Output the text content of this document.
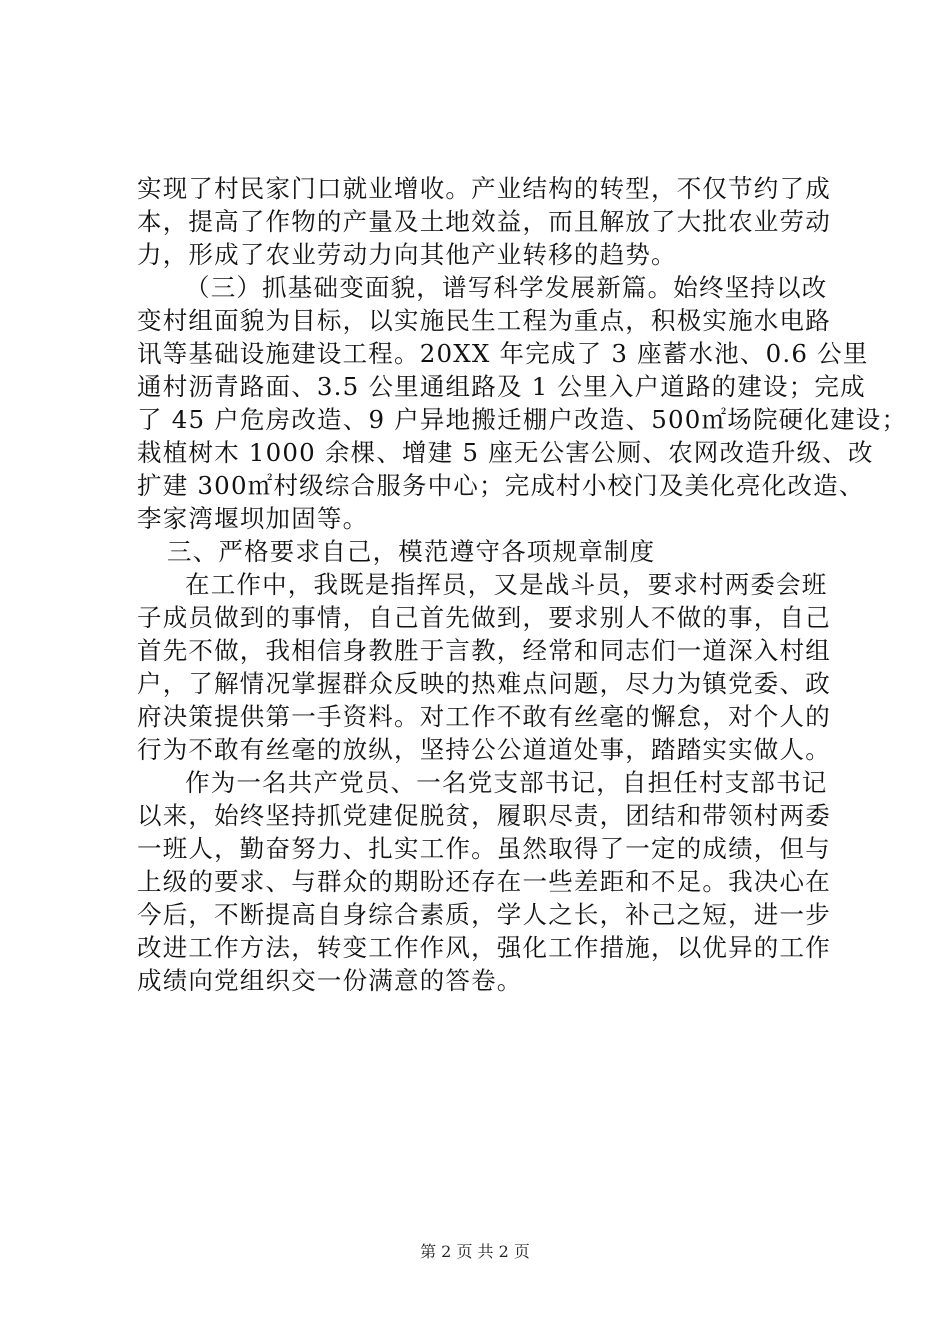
实现了村民家门口就业增收。产业结构的转型，不仅节约了成
本，提高了作物的产量及土地效益，而且解放了大批农业劳动
力，形成了农业劳动力向其他产业转移的趋势。
（三）抓基础变面貌，谱写科学发展新篇。始终坚持以改
变村组面貌为目标，以实施民生工程为重点，积极实施水电路
讯等基础设施建设工程。20XX 年完成了 3 座蓄水池、0.6 公里
通村沥青路面、3.5 公里通组路及 1 公里入户道路的建设；完成
了 45 户危房改造、9 户异地搬迁棚户改造、500㎡场院硬化建设；
栽植树木 1000 余棵、增建 5 座无公害公厕、农网改造升级、改
扩建 300㎡村级综合服务中心；完成村小校门及美化亮化改造、
李家湾堰坝加固等。
三、严格要求自己，模范遵守各项规章制度
在工作中，我既是指挥员，又是战斗员，要求村两委会班
子成员做到的事情，自己首先做到，要求别人不做的事，自己
首先不做，我相信身教胜于言教，经常和同志们一道深入村组
户，了解情况掌握群众反映的热难点问题，尽力为镇党委、政
府决策提供第一手资料。对工作不敢有丝毫的懈怠，对个人的
行为不敢有丝毫的放纵，坚持公公道道处事，踏踏实实做人。
作为一名共产党员、一名党支部书记，自担任村支部书记
以来，始终坚持抓党建促脱贫，履职尽责，团结和带领村两委
一班人，勤奋努力、扎实工作。虽然取得了一定的成绩，但与
上级的要求、与群众的期盼还存在一些差距和不足。我决心在
今后，不断提高自身综合素质，学人之长，补己之短，进一步
改进工作方法，转变工作作风，强化工作措施，以优异的工作
成绩向党组织交一份满意的答卷。
第 2 页 共 2 页
